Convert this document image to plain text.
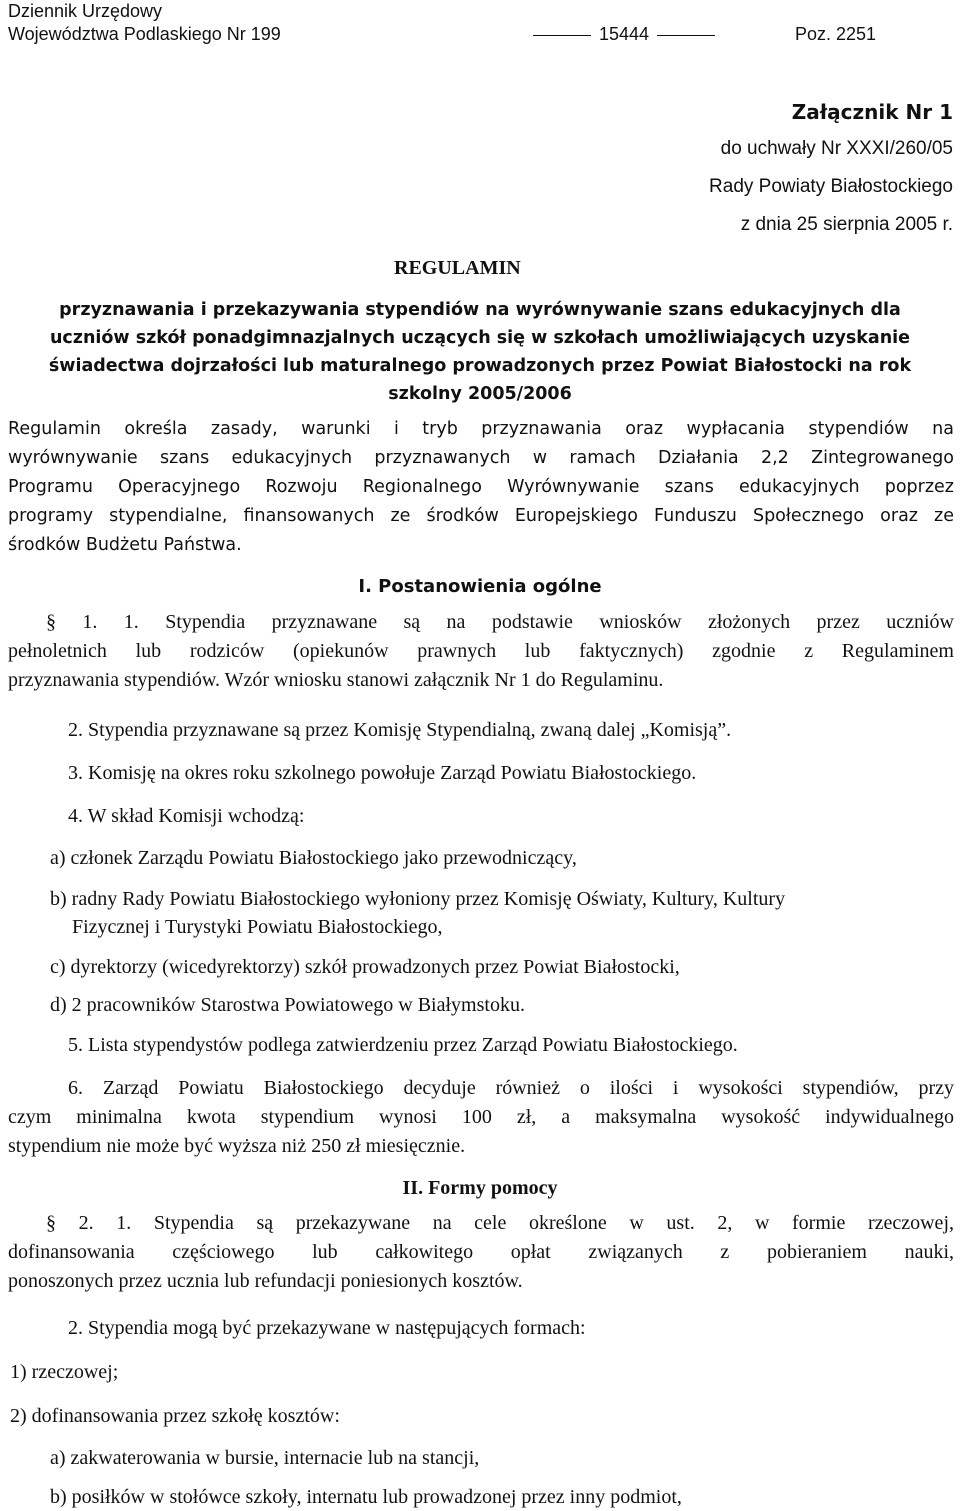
Dziennik Urzędowy
Województwa Podlaskiego Nr 199	15444	Poz. 2251
Załącznik Nr 1
do uchwały Nr XXXI/260/05
Rady Powiaty Białostockiego
z dnia 25 sierpnia 2005 r.
REGULAMIN
przyznawania i przekazywania stypendiów na wyrównywanie szans edukacyjnych dla
uczniów szkół ponadgimnazjalnych uczących się w szkołach umożliwiających uzyskanie
świadectwa dojrzałości lub maturalnego prowadzonych przez Powiat Białostocki na rok
szkolny 2005/2006
Regulamin określa zasady, warunki i tryb przyznawania oraz wypłacania stypendiów na
wyrównywanie szans edukacyjnych przyznawanych w ramach Działania 2,2 Zintegrowanego
Programu Operacyjnego Rozwoju Regionalnego Wyrównywanie szans edukacyjnych poprzez
programy stypendialne, finansowanych ze środków Europejskiego Funduszu Społecznego oraz ze
środków Budżetu Państwa.
I. Postanowienia ogólne
§ 1. 1. Stypendia przyznawane są na podstawie wniosków złożonych przez uczniów
pełnoletnich lub rodziców (opiekunów prawnych lub faktycznych) zgodnie z Regulaminem
przyznawania stypendiów. Wzór wniosku stanowi załącznik Nr 1 do Regulaminu.
2. Stypendia przyznawane są przez Komisję Stypendialną, zwaną dalej „Komisją”.
3. Komisję na okres roku szkolnego powołuje Zarząd Powiatu Białostockiego.
4. W skład Komisji wchodzą:
a) członek Zarządu Powiatu Białostockiego jako przewodniczący,
b) radny Rady Powiatu Białostockiego wyłoniony przez Komisję Oświaty, Kultury, Kultury
Fizycznej i Turystyki Powiatu Białostockiego,
c) dyrektorzy (wicedyrektorzy) szkół prowadzonych przez Powiat Białostocki,
d) 2 pracowników Starostwa Powiatowego w Białymstoku.
5. Lista stypendystów podlega zatwierdzeniu przez Zarząd Powiatu Białostockiego.
6. Zarząd Powiatu Białostockiego decyduje również o ilości i wysokości stypendiów, przy
czym minimalna kwota stypendium wynosi 100 zł, a maksymalna wysokość indywidualnego
stypendium nie może być wyższa niż 250 zł miesięcznie.
II. Formy pomocy
§ 2. 1. Stypendia są przekazywane na cele określone w ust. 2, w formie rzeczowej,
dofinansowania częściowego lub całkowitego opłat związanych z pobieraniem nauki,
ponoszonych przez ucznia lub refundacji poniesionych kosztów.
2. Stypendia mogą być przekazywane w następujących formach:
1) rzeczowej;
2) dofinansowania przez szkołę kosztów:
a) zakwaterowania w bursie, internacie lub na stancji,
b) posiłków w stołówce szkoły, internatu lub prowadzonej przez inny podmiot,
